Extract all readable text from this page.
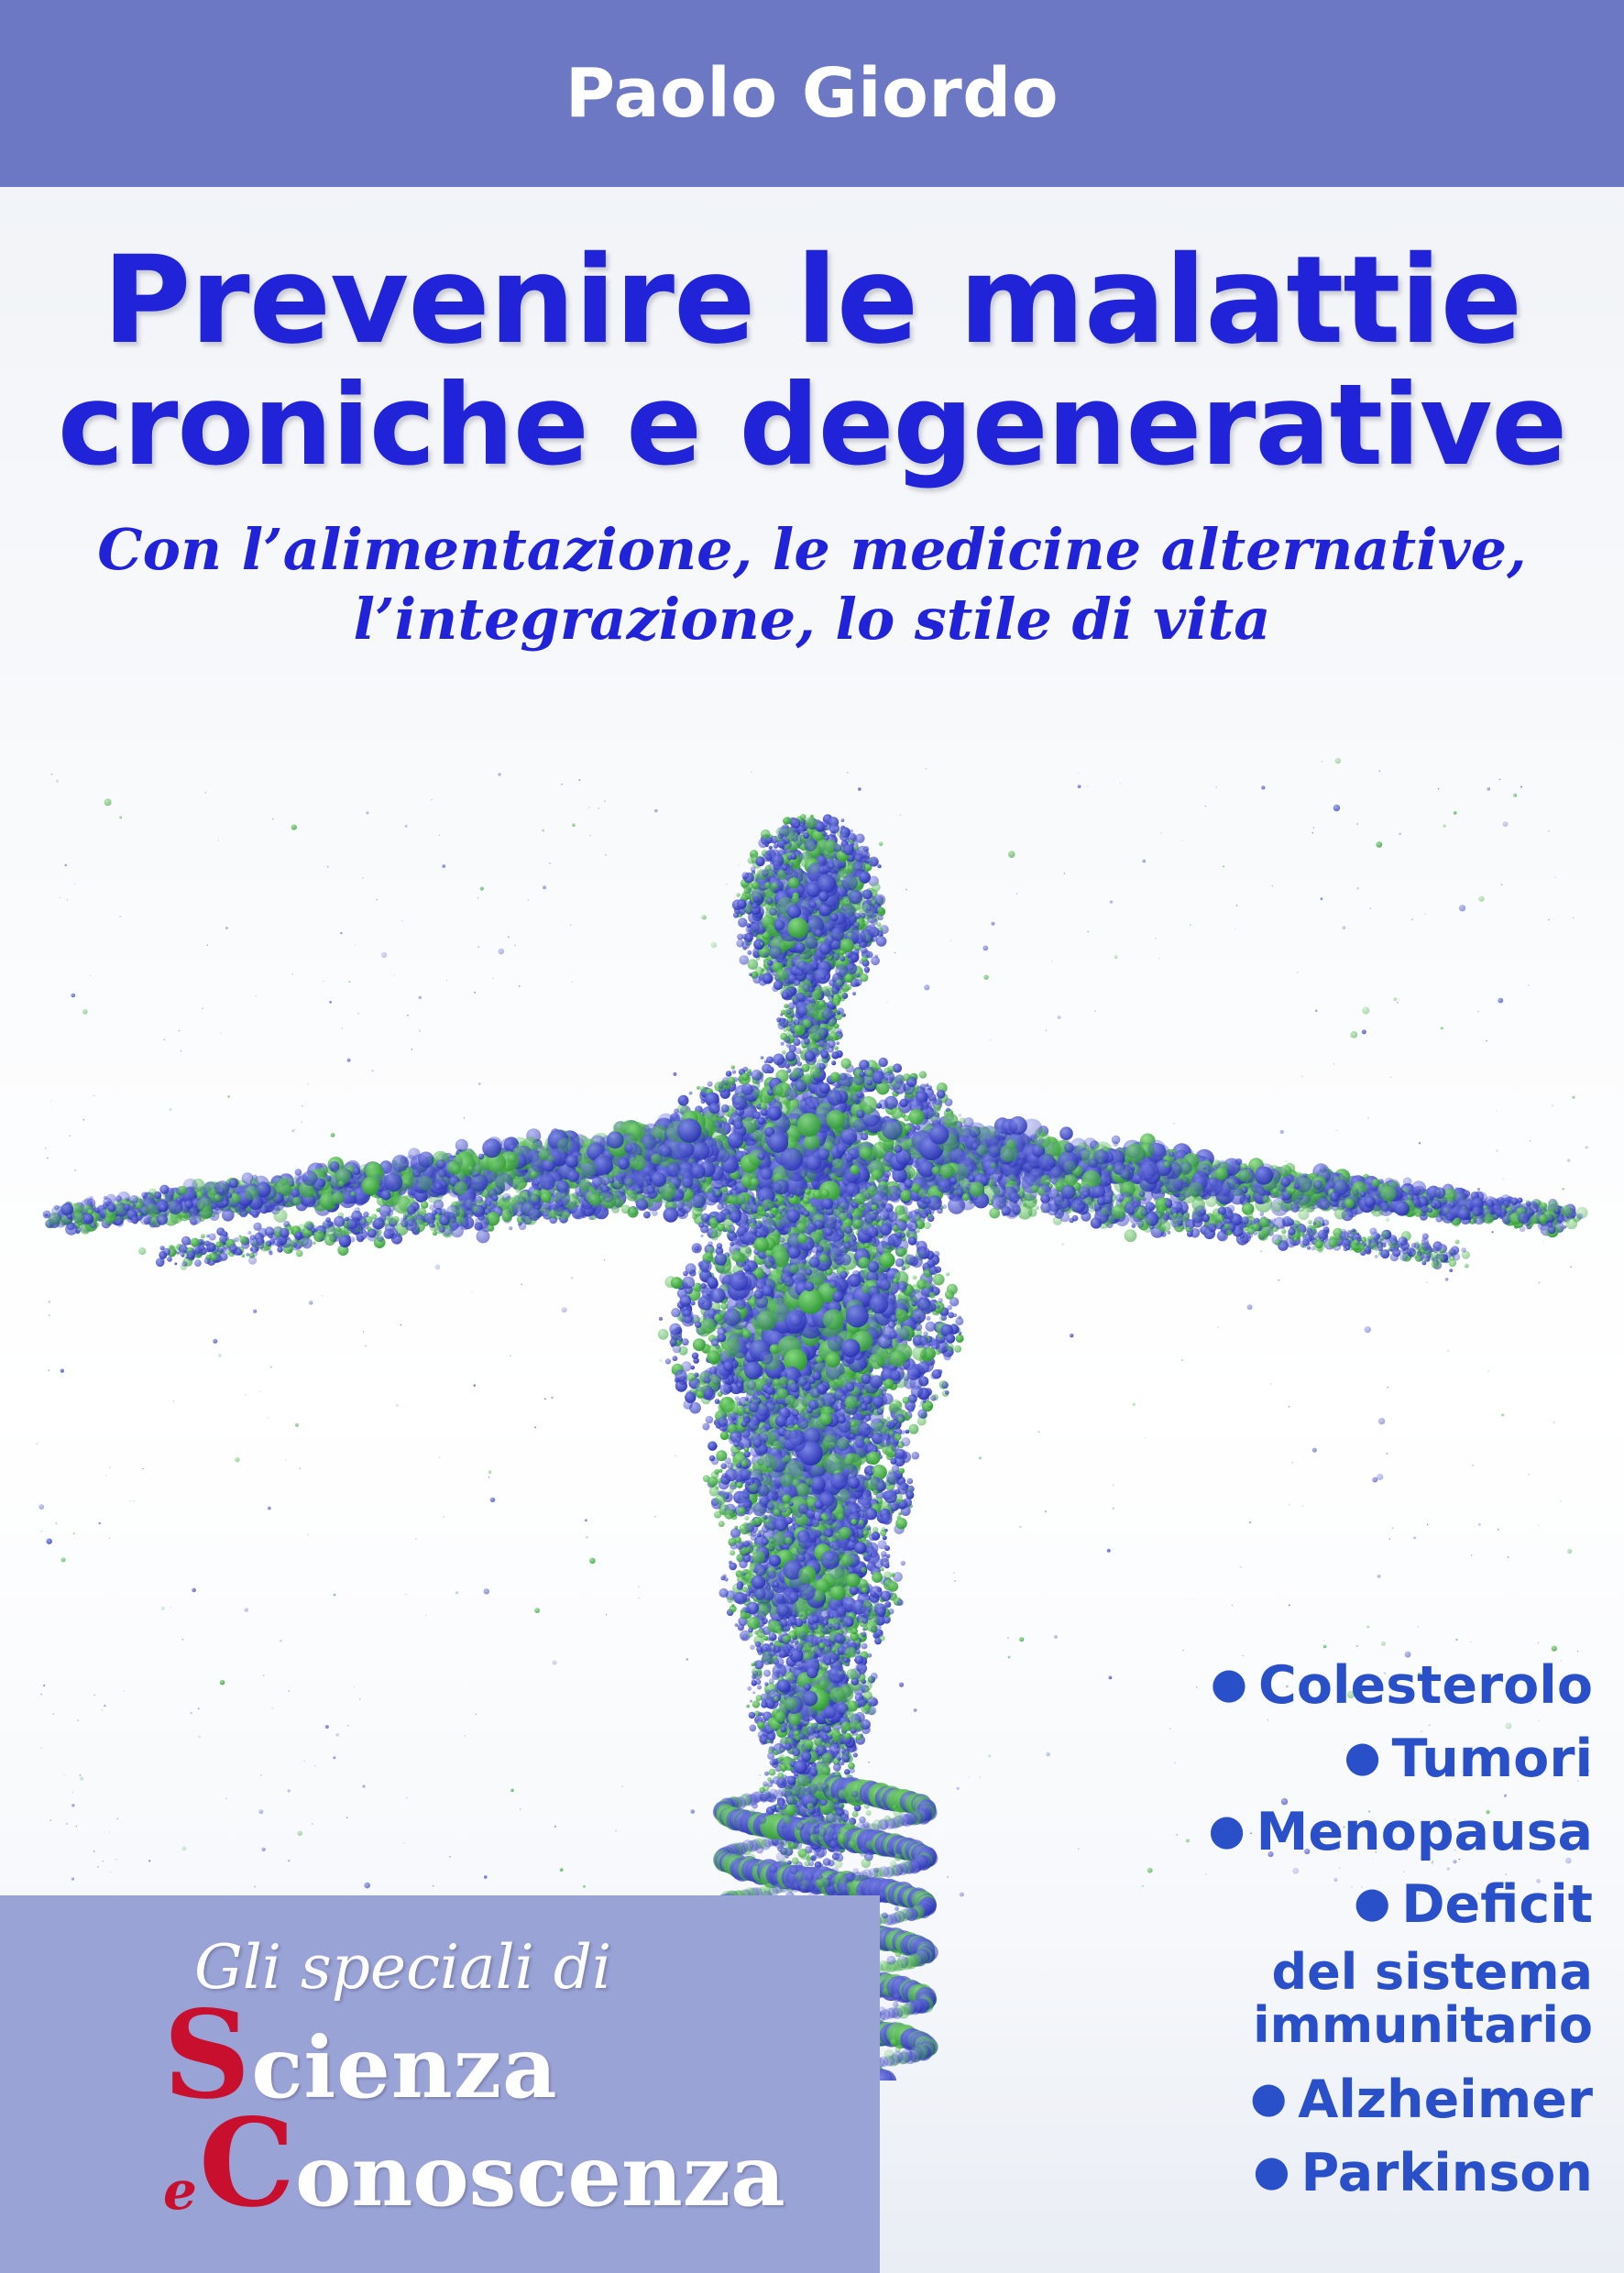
Paolo Giordo
Prevenire le malattie
croniche e degenerative
Con l’alimentazione, le medicine alternative,
l’integrazione, lo stile di vita
● Colesterolo
● Tumori
● Menopausa
● Deficit
del sistema
immunitario
● Alzheimer
● Parkinson
Gli speciali di
Scienza
eConoscenza
